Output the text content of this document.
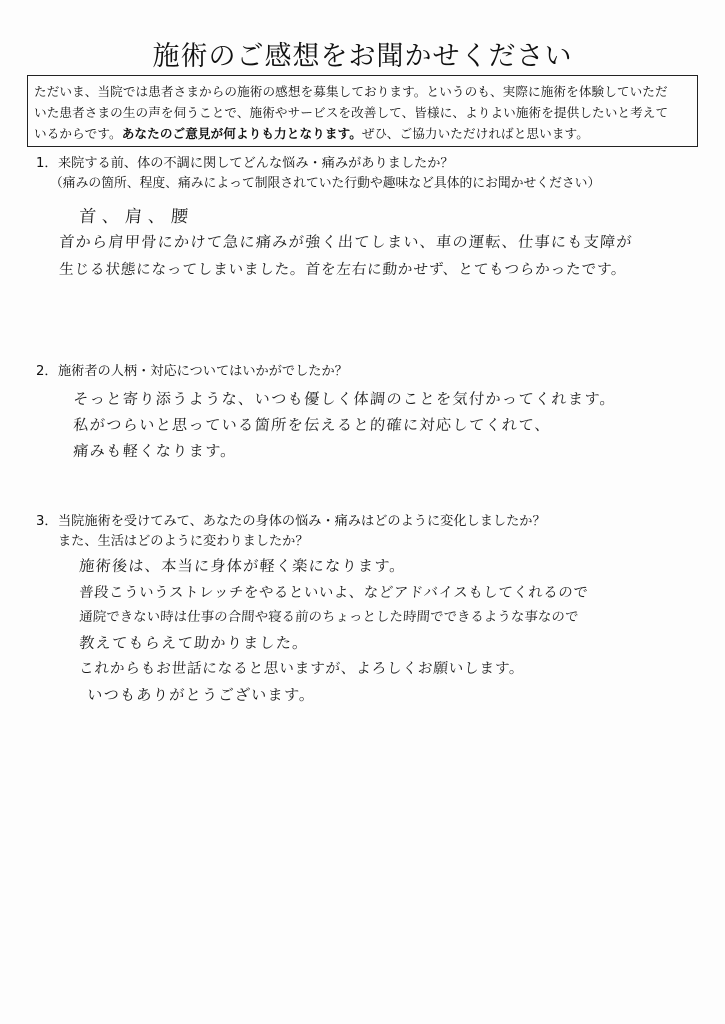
施術のご感想をお聞かせください
ただいま、当院では患者さまからの施術の感想を募集しております。というのも、実際に施術を体験していただ
いた患者さまの生の声を伺うことで、施術やサービスを改善して、皆様に、よりよい施術を提供したいと考えて
いるからです。あなたのご意見が何よりも力となります。ぜひ、ご協力いただければと思います。
1．来院する前、体の不調に関してどんな悩み・痛みがありましたか？
（痛みの箇所、程度、痛みによって制限されていた行動や趣味など具体的にお聞かせください）
首、肩、腰
首から肩甲骨にかけて急に痛みが強く出てしまい、車の運転、仕事にも支障が
生じる状態になってしまいました。首を左右に動かせず、とてもつらかったです。
2．施術者の人柄・対応についてはいかがでしたか？
そっと寄り添うような、いつも優しく体調のことを気付かってくれます。
私がつらいと思っている箇所を伝えると的確に対応してくれて、
痛みも軽くなります。
3．当院施術を受けてみて、あなたの身体の悩み・痛みはどのように変化しましたか？
また、生活はどのように変わりましたか？
施術後は、本当に身体が軽く楽になります。
普段こういうストレッチをやるといいよ、などアドバイスもしてくれるので
通院できない時は仕事の合間や寝る前のちょっとした時間でできるような事なので
教えてもらえて助かりました。
これからもお世話になると思いますが、よろしくお願いします。
いつもありがとうございます。
